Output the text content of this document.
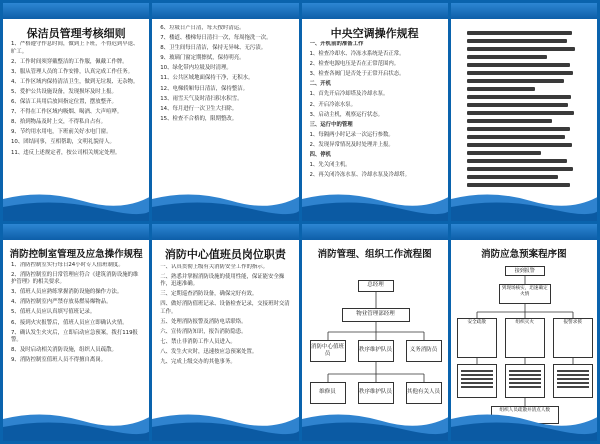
保洁员管理考核细则

1、严格遵守作息时间，做到上下班，不得迟到早退、旷工。

2、工作时间须穿戴整洁的工作服，佩戴工作牌。

3、服从管理人员的工作安排，认真完成工作任务。

4、工作区域内保持清洁卫生，做到无垃圾、无杂物。

5、爱护公共设施设备，发现损坏及时上报。

6、保洁工具用后放回指定位置，摆放整齐。

7、不得在工作区域内吸烟、喝酒、大声喧哗。

8、拾到物品及时上交，不得私自占有。

9、节约用水用电，下班前关好水电门窗。

10、团结同事，互相帮助，文明礼貌待人。

11、违反上述规定者，按公司相关规定处理。

6、垃圾日产日清，每天按时清运。

7、楼道、楼梯每日清扫一次，每周拖洗一次。

8、卫生间每日清洁，保持无异味、无污渍。

9、玻璃门窗定期擦拭，保持明亮。

10、绿化带内垃圾及时清理。

11、公共区域地面保持干净，无积水。

12、电梯轿厢每日清洁，保持整洁。

13、雨雪天气及时清扫积水积雪。

14、每月进行一次卫生大扫除。

15、检查不合格的，限期整改。

中央空调操作规程

一、开机前的准备工作

1、检查冷却水、冷冻水系统是否正常。

2、检查电源电压是否在正常范围内。

3、检查各阀门是否处于正常开启状态。

二、开机

1、首先开启冷却塔及冷却水泵。

2、开启冷冻水泵。

3、启动主机，观察运行状态。

三、运行中的管理

1、每隔两小时记录一次运行参数。

2、发现异常情况及时处理并上报。

四、停机

1、先关闭主机。

2、再关闭冷冻水泵、冷却水泵及冷却塔。

消防控制室管理及应急操作规程

1、消防控制室实行每日24小时专人值班制度。

2、消防控制室的日常管理应符合《建筑消防设施的维护管理》的相关要求。

3、值班人员应熟练掌握消防设施的操作方法。

4、消防控制室内严禁存放易燃易爆物品。

5、值班人员应认真填写值班记录。

6、接到火灾报警后，值班人员应立即确认火情。

7、确认发生火灾后，立即启动应急预案，拨打119报警。

8、及时启动相关消防设施，组织人员疏散。

9、消防控制室值班人员不得擅自离岗。

消防中心值班员岗位职责

一、认真贯彻上级有关消防安全工作的指示。

二、熟悉并掌握消防设施的使用性能，保证能安全操作，迅速准确。

三、定期巡查消防设备，确保完好有效。

四、做好消防值班记录、设备检查记录，交接班时交清工作。

五、处理消防报警及消防电话联络。

六、宣传消防知识，报告消防隐患。

七、禁止非消防工作人员进入。

八、发生火灾时，迅速按应急预案处置。

九、完成上级交办的其他事务。

消防管理、组织工作流程图
总经理
物业管理部经理
消防中心值班员
秩序维护队员	义务消防员
维修员	秩序维护队员	其他有关人员
消防应急预案程序图
接到报警
到现场核实，迅速确定火情
安全疏散	组织灭火	报警求援
组织人员疏散并清点人数
